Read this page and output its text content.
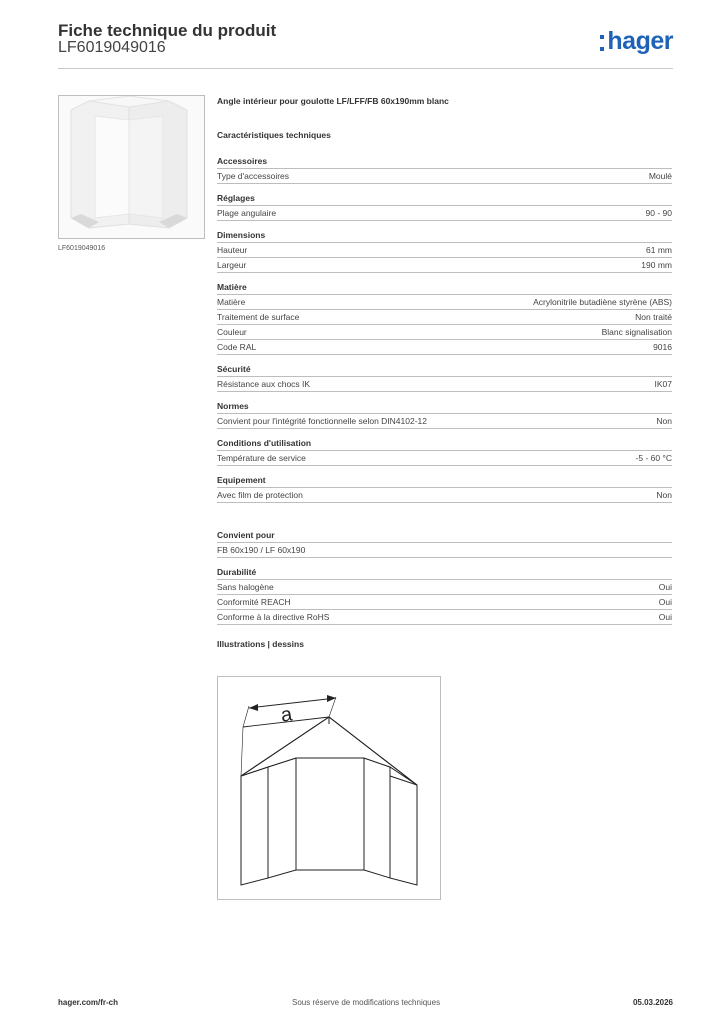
Fiche technique du produit
LF6019049016	hager
LF6019049016
Angle intérieur pour goulotte LF/LFF/FB 60x190mm blanc
Caractéristiques techniques
Accessoires
Type d'accessoires	Moulé
Réglages
Plage angulaire	90 - 90
Dimensions
Hauteur	61 mm
Largeur	190 mm
Matière
Matière	Acrylonitrile butadiène styrène (ABS)
Traitement de surface	Non traité
Couleur	Blanc signalisation
Code RAL	9016
Sécurité
Résistance aux chocs IK	IK07
Normes
Convient pour l'intégrité fonctionnelle selon DIN4102-12	Non
Conditions d'utilisation
Température de service	-5 - 60 °C
Equipement
Avec film de protection	Non
Convient pour
FB 60x190 / LF 60x190
Durabilité
Sans halogène	Oui
Conformité REACH	Oui
Conforme à la directive RoHS	Oui
Illustrations | dessins
a
hager.com/fr-ch	Sous réserve de modifications techniques	05.03.2026
